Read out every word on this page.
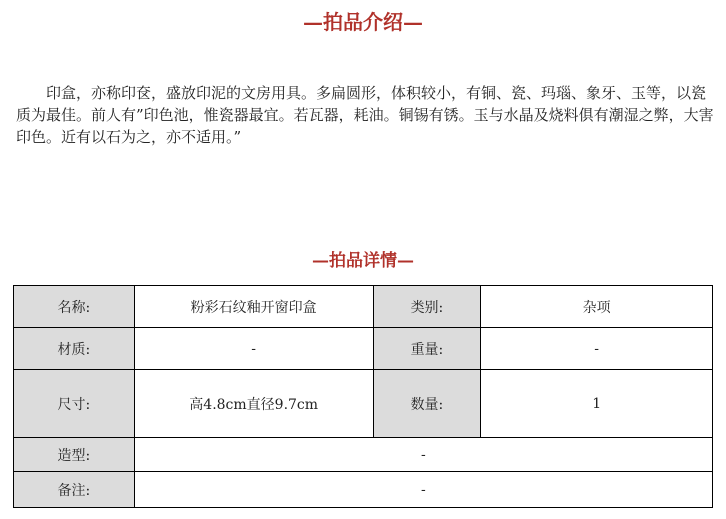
—拍品介绍—
印盒，亦称印奁，盛放印泥的文房用具。多扁圆形，体积较小，有铜、瓷、玛瑙、象牙、玉等，以瓷质为最佳。前人有”印色池，惟瓷器最宜。若瓦器，耗油。铜锡有锈。玉与水晶及烧料俱有潮湿之弊，大害印色。近有以石为之，亦不适用。”
—拍品详情—
名称:	粉彩石纹釉开窗印盒	类别:	杂项
材质:	-	重量:	-
尺寸:	高4.8cm直径9.7cm	数量:	1
造型:	-		
备注:	-		
